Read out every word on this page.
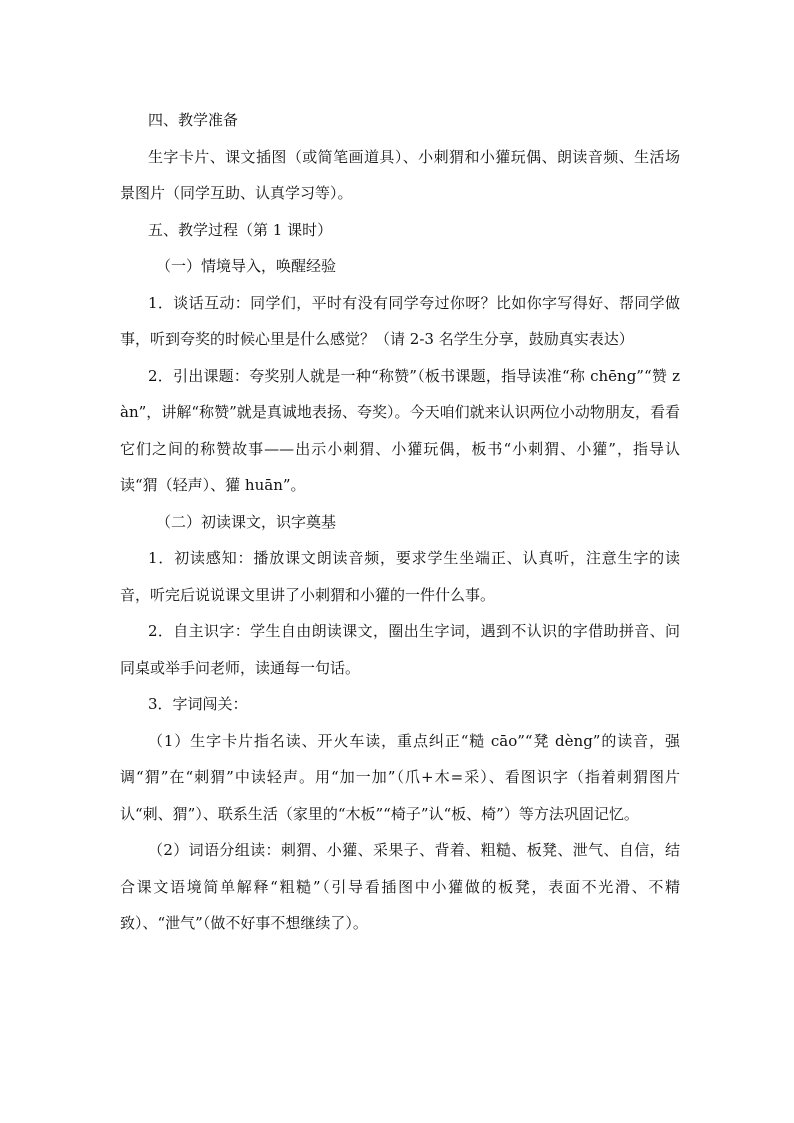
四、教学准备

生字卡片、课文插图（或简笔画道具）、小刺猬和小獾玩偶、朗读音频、生活场景图片（同学互助、认真学习等）。

五、教学过程（第 1 课时）

（一）情境导入，唤醒经验

1．谈话互动：同学们，平时有没有同学夸过你呀？比如你字写得好、帮同学做事，听到夸奖的时候心里是什么感觉？（请 2-3 名学生分享，鼓励真实表达）

2．引出课题：夸奖别人就是一种“称赞”（板书课题，指导读准“称 chēng”“赞 zàn”，讲解“称赞”就是真诚地表扬、夸奖）。今天咱们就来认识两位小动物朋友，看看它们之间的称赞故事——出示小刺猬、小獾玩偶，板书“小刺猬、小獾”，指导认读“猬（轻声）、獾 huān”。

（二）初读课文，识字奠基

1．初读感知：播放课文朗读音频，要求学生坐端正、认真听，注意生字的读音，听完后说说课文里讲了小刺猬和小獾的一件什么事。

2．自主识字：学生自由朗读课文，圈出生字词，遇到不认识的字借助拼音、问同桌或举手问老师，读通每一句话。

3．字词闯关：

（1）生字卡片指名读、开火车读，重点纠正“糙 cāo”“凳 dèng”的读音，强调“猬”在“刺猬”中读轻声。用“加一加”（爪+木=采）、看图识字（指着刺猬图片认“刺、猬”）、联系生活（家里的“木板”“椅子”认“板、椅”）等方法巩固记忆。

（2）词语分组读：刺猬、小獾、采果子、背着、粗糙、板凳、泄气、自信，结合课文语境简单解释“粗糙”（引导看插图中小獾做的板凳，表面不光滑、不精致）、“泄气”（做不好事不想继续了）。
